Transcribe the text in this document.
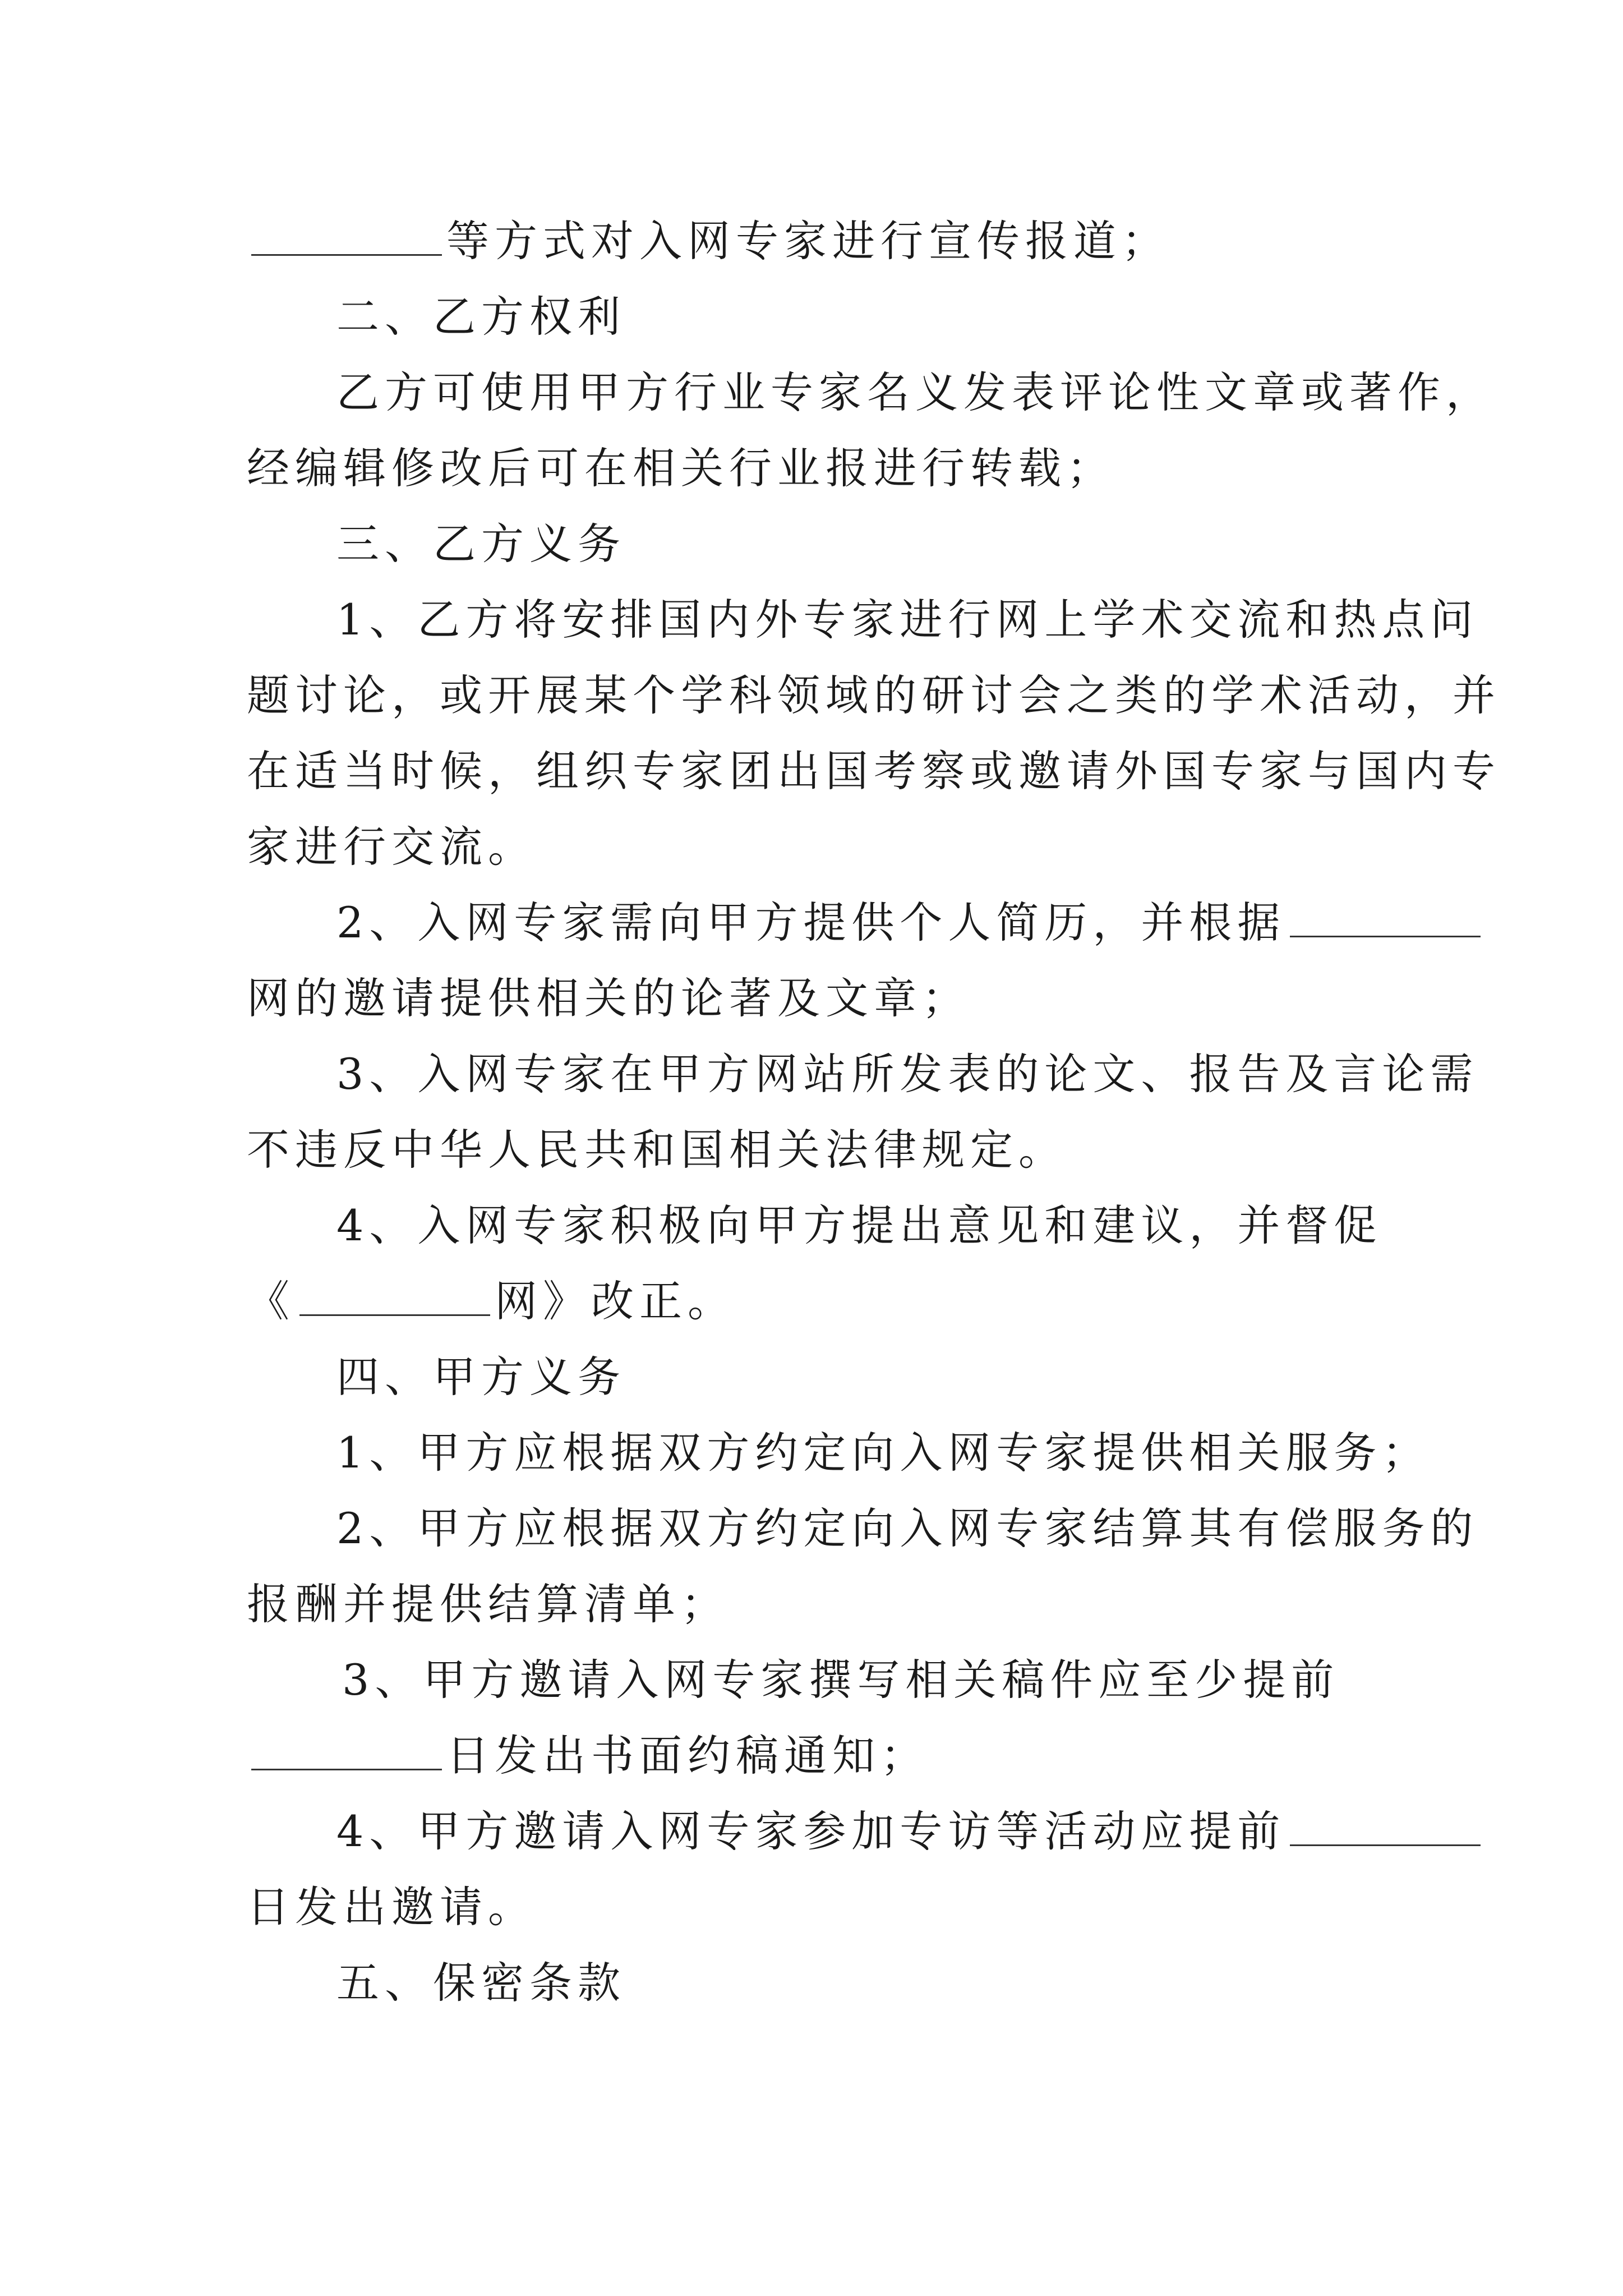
等方式对入网专家进行宣传报道；
二、乙方权利
乙方可使用甲方行业专家名义发表评论性文章或著作，
经编辑修改后可在相关行业报进行转载；
三、乙方义务
1、乙方将安排国内外专家进行网上学术交流和热点问
题讨论，或开展某个学科领域的研讨会之类的学术活动，并
在适当时候，组织专家团出国考察或邀请外国专家与国内专
家进行交流。
2、入网专家需向甲方提供个人简历，并根据
网的邀请提供相关的论著及文章；
3、入网专家在甲方网站所发表的论文、报告及言论需
不违反中华人民共和国相关法律规定。
4、入网专家积极向甲方提出意见和建议，并督促
《	网》改正。
四、甲方义务
1、甲方应根据双方约定向入网专家提供相关服务；
2、甲方应根据双方约定向入网专家结算其有偿服务的
报酬并提供结算清单；
3、甲方邀请入网专家撰写相关稿件应至少提前
日发出书面约稿通知；
4、甲方邀请入网专家参加专访等活动应提前
日发出邀请。
五、保密条款
